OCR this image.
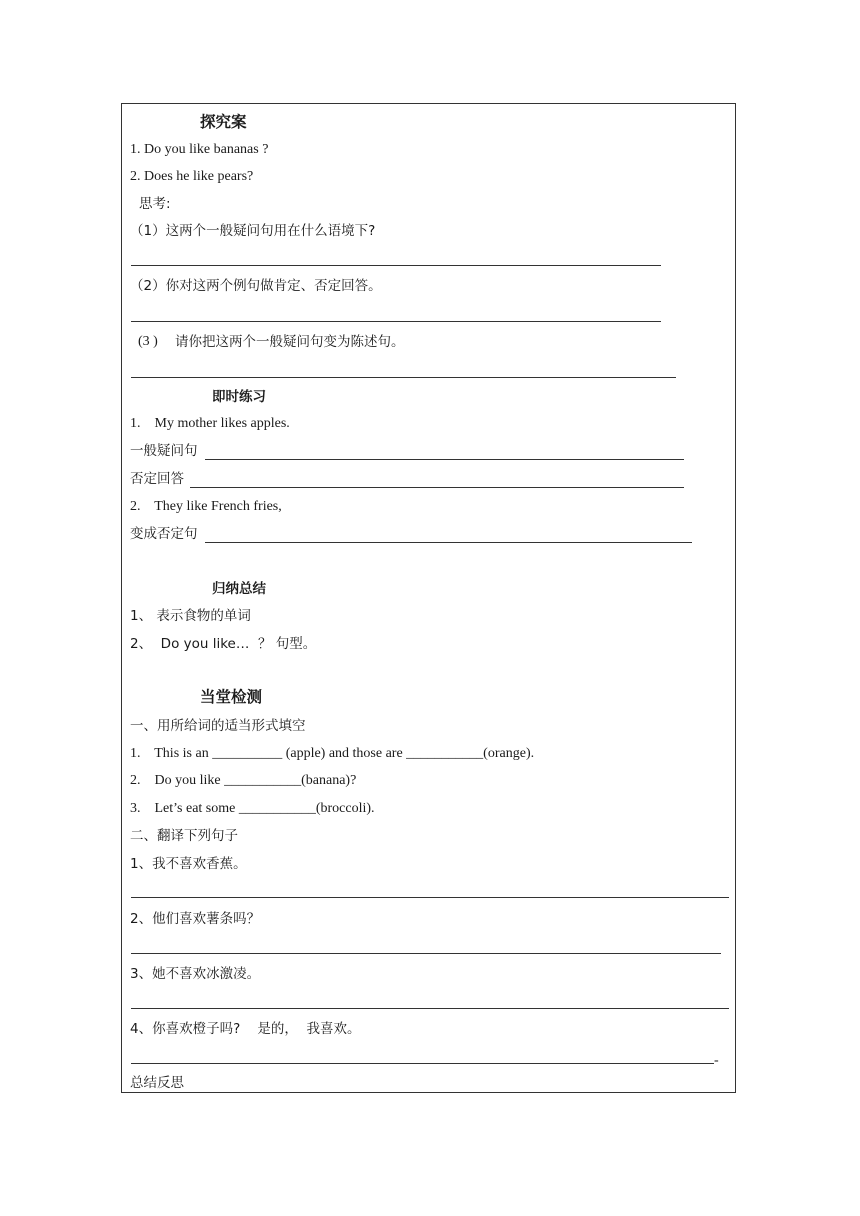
探究案
1. Do you like bananas ?
2. Does he like pears?
思考:
（1）这两个一般疑问句用在什么语境下?
（2）你对这两个例句做肯定、否定回答。
(3 ) 请你把这两个一般疑问句变为陈述句。
即时练习
1.    My mother likes apples.
一般疑问句
否定回答
2.    They like French fries,
变成否定句
归纳总结
1、 表示食物的单词
2、  Do you like…  ？ 句型。
当堂检测
一、用所给词的适当形式填空
1.    This is an __________ (apple) and those are ___________(orange).
2.    Do you like ___________(banana)?
3.    Let’s eat some ___________(broccoli).
二、翻译下列句子
1、我不喜欢香蕉。
2、他们喜欢薯条吗？
3、她不喜欢冰激凌。
4、你喜欢橙子吗?    是的，  我喜欢。
-
总结反思
